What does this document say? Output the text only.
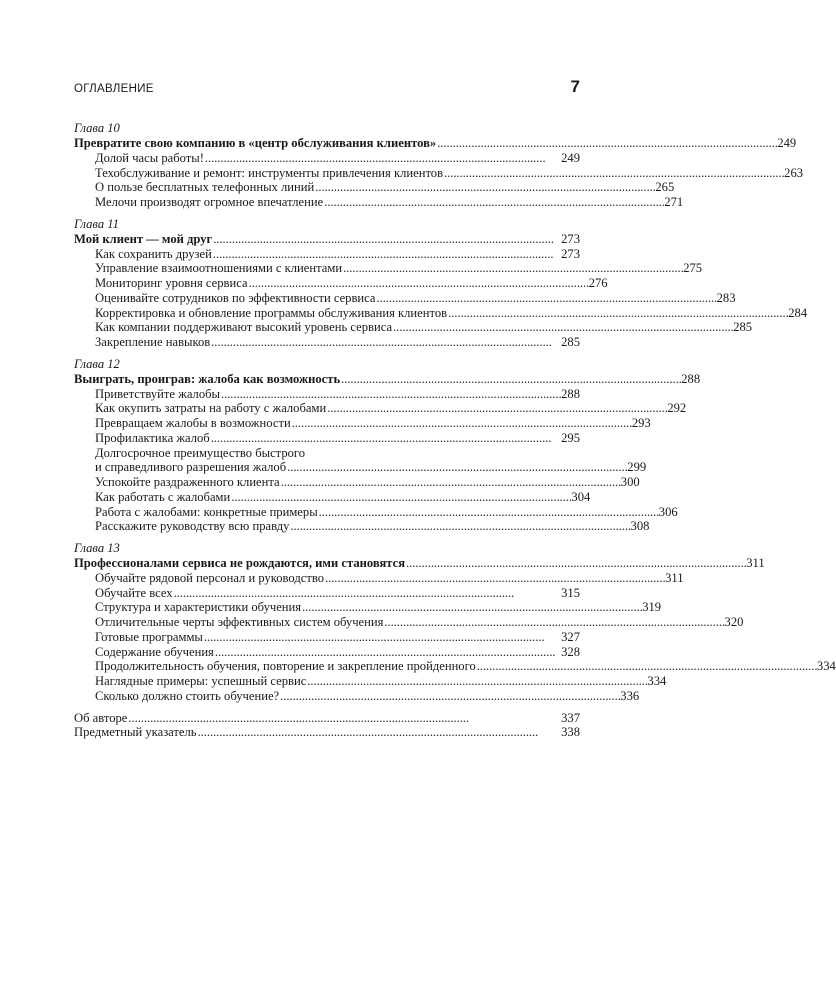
ОГЛАВЛЕНИЕ	7
Глава 10
Превратите свою компанию в «центр обслуживания клиентов» . . .	249
Долой часы работы! . . .	249
Техобслуживание и ремонт: инструменты привлечения клиентов . . .	263
О пользе бесплатных телефонных линий . . .	265
Мелочи производят огромное впечатление . . .	271
Глава 11
Мой клиент — мой друг . . .	273
Как сохранить друзей . . .	273
Управление взаимоотношениями с клиентами . . .	275
Мониторинг уровня сервиса . . .	276
Оценивайте сотрудников по эффективности сервиса . . .	283
Корректировка и обновление программы обслуживания клиентов . . .	284
Как компании поддерживают высокий уровень сервиса . . .	285
Закрепление навыков . . .	285
Глава 12
Выиграть, проиграв: жалоба как возможность . . .	288
Приветствуйте жалобы . . .	288
Как окупить затраты на работу с жалобами . . .	292
Превращаем жалобы в возможности . . .	293
Профилактика жалоб . . .	295
Долгосрочное преимущество быстрого
и справедливого разрешения жалоб . . .	299
Успокойте раздраженного клиента . . .	300
Как работать с жалобами . . .	304
Работа с жалобами: конкретные примеры . . .	306
Расскажите руководству всю правду . . .	308
Глава 13
Профессионалами сервиса не рождаются, ими становятся . . .	311
Обучайте рядовой персонал и руководство . . .	311
Обучайте всех . . .	315
Структура и характеристики обучения . . .	319
Отличительные черты эффективных систем обучения . . .	320
Готовые программы . . .	327
Содержание обучения . . .	328
Продолжительность обучения, повторение и закрепление пройденного . . .	334
Наглядные примеры: успешный сервис . . .	334
Сколько должно стоить обучение? . . .	336
Об авторе . . .	337
Предметный указатель . . .	338
